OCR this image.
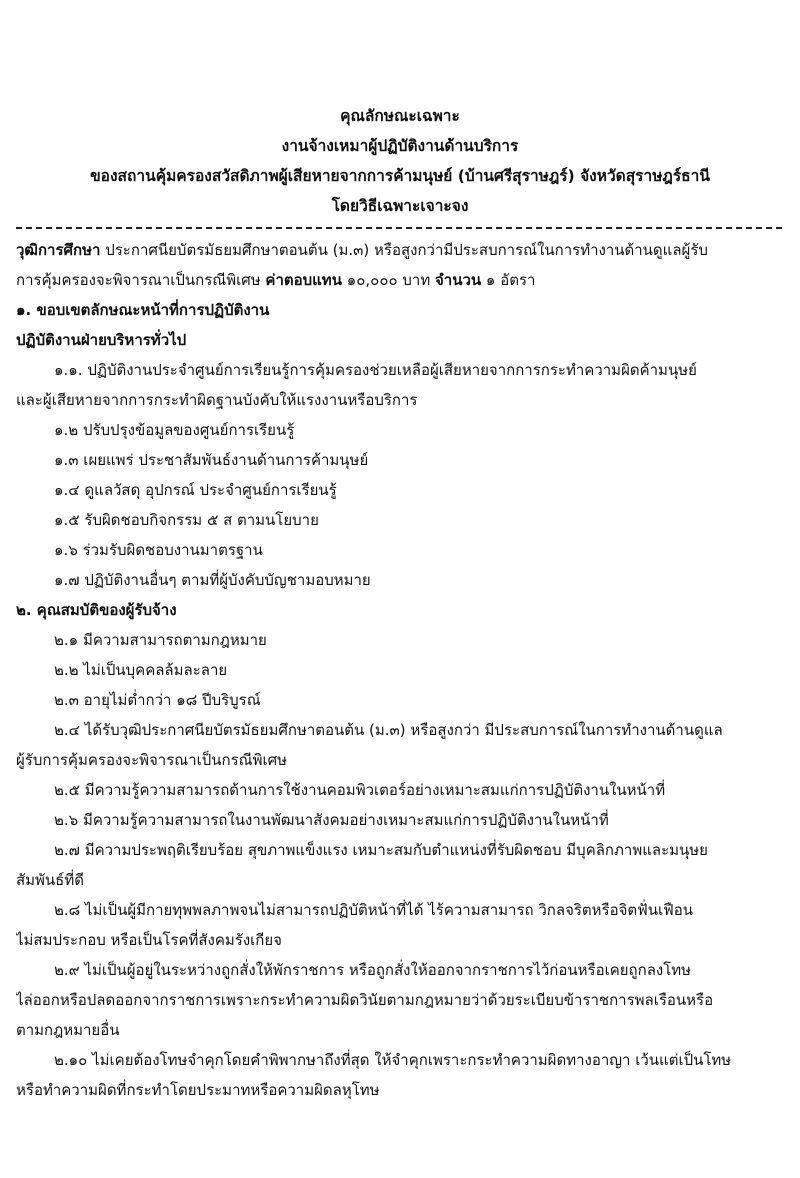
คุณลักษณะเฉพาะ
งานจ้างเหมาผู้ปฏิบัติงานด้านบริการ
ของสถานคุ้มครองสวัสดิภาพผู้เสียหายจากการค้ามนุษย์ (บ้านศรีสุราษฎร์) จังหวัดสุราษฎร์ธานี
โดยวิธีเฉพาะเจาะจง
วุฒิการศึกษา ประกาศนียบัตรมัธยมศึกษาตอนต้น (ม.๓) หรือสูงกว่ามีประสบการณ์ในการทำงานด้านดูแลผู้รับ
การคุ้มครองจะพิจารณาเป็นกรณีพิเศษ ค่าตอบแทน ๑๐,๐๐๐ บาท จำนวน ๑ อัตรา
๑. ขอบเขตลักษณะหน้าที่การปฏิบัติงาน
ปฏิบัติงานฝ่ายบริหารทั่วไป
๑.๑. ปฏิบัติงานประจำศูนย์การเรียนรู้การคุ้มครองช่วยเหลือผู้เสียหายจากการกระทำความผิดค้ามนุษย์
และผู้เสียหายจากการกระทำผิดฐานบังคับให้แรงงานหรือบริการ
๑.๒ ปรับปรุงข้อมูลของศูนย์การเรียนรู้
๑.๓ เผยแพร่ ประชาสัมพันธ์งานด้านการค้ามนุษย์
๑.๔ ดูแลวัสดุ อุปกรณ์ ประจำศูนย์การเรียนรู้
๑.๕ รับผิดชอบกิจกรรม ๕ ส ตามนโยบาย
๑.๖ ร่วมรับผิดชอบงานมาตรฐาน
๑.๗ ปฏิบัติงานอื่นๆ ตามที่ผู้บังคับบัญชามอบหมาย
๒. คุณสมบัติของผู้รับจ้าง
๒.๑ มีความสามารถตามกฎหมาย
๒.๒ ไม่เป็นบุคคลล้มละลาย
๒.๓ อายุไม่ต่ำกว่า ๑๘ ปีบริบูรณ์
๒.๔ ได้รับวุฒิประกาศนียบัตรมัธยมศึกษาตอนต้น (ม.๓) หรือสูงกว่า มีประสบการณ์ในการทำงานด้านดูแล
ผู้รับการคุ้มครองจะพิจารณาเป็นกรณีพิเศษ
๒.๕ มีความรู้ความสามารถด้านการใช้งานคอมพิวเตอร์อย่างเหมาะสมแก่การปฏิบัติงานในหน้าที่
๒.๖ มีความรู้ความสามารถในงานพัฒนาสังคมอย่างเหมาะสมแก่การปฏิบัติงานในหน้าที่
๒.๗ มีความประพฤติเรียบร้อย สุขภาพแข็งแรง เหมาะสมกับตำแหน่งที่รับผิดชอบ มีบุคลิกภาพและมนุษย
สัมพันธ์ที่ดี
๒.๘ ไม่เป็นผู้มีกายทุพพลภาพจนไม่สามารถปฏิบัติหน้าที่ได้ ไร้ความสามารถ วิกลจริตหรือจิตฟั่นเฟือน
ไม่สมประกอบ หรือเป็นโรคที่สังคมรังเกียจ
๒.๙ ไม่เป็นผู้อยู่ในระหว่างถูกสั่งให้พักราชการ หรือถูกสั่งให้ออกจากราชการไว้ก่อนหรือเคยถูกลงโทษ
ไล่ออกหรือปลดออกจากราชการเพราะกระทำความผิดวินัยตามกฎหมายว่าด้วยระเบียบข้าราชการพลเรือนหรือ
ตามกฎหมายอื่น
๒.๑๐ ไม่เคยต้องโทษจำคุกโดยคำพิพากษาถึงที่สุด ให้จำคุกเพราะกระทำความผิดทางอาญา เว้นแต่เป็นโทษ
หรือทำความผิดที่กระทำโดยประมาทหรือความผิดลหุโทษ
